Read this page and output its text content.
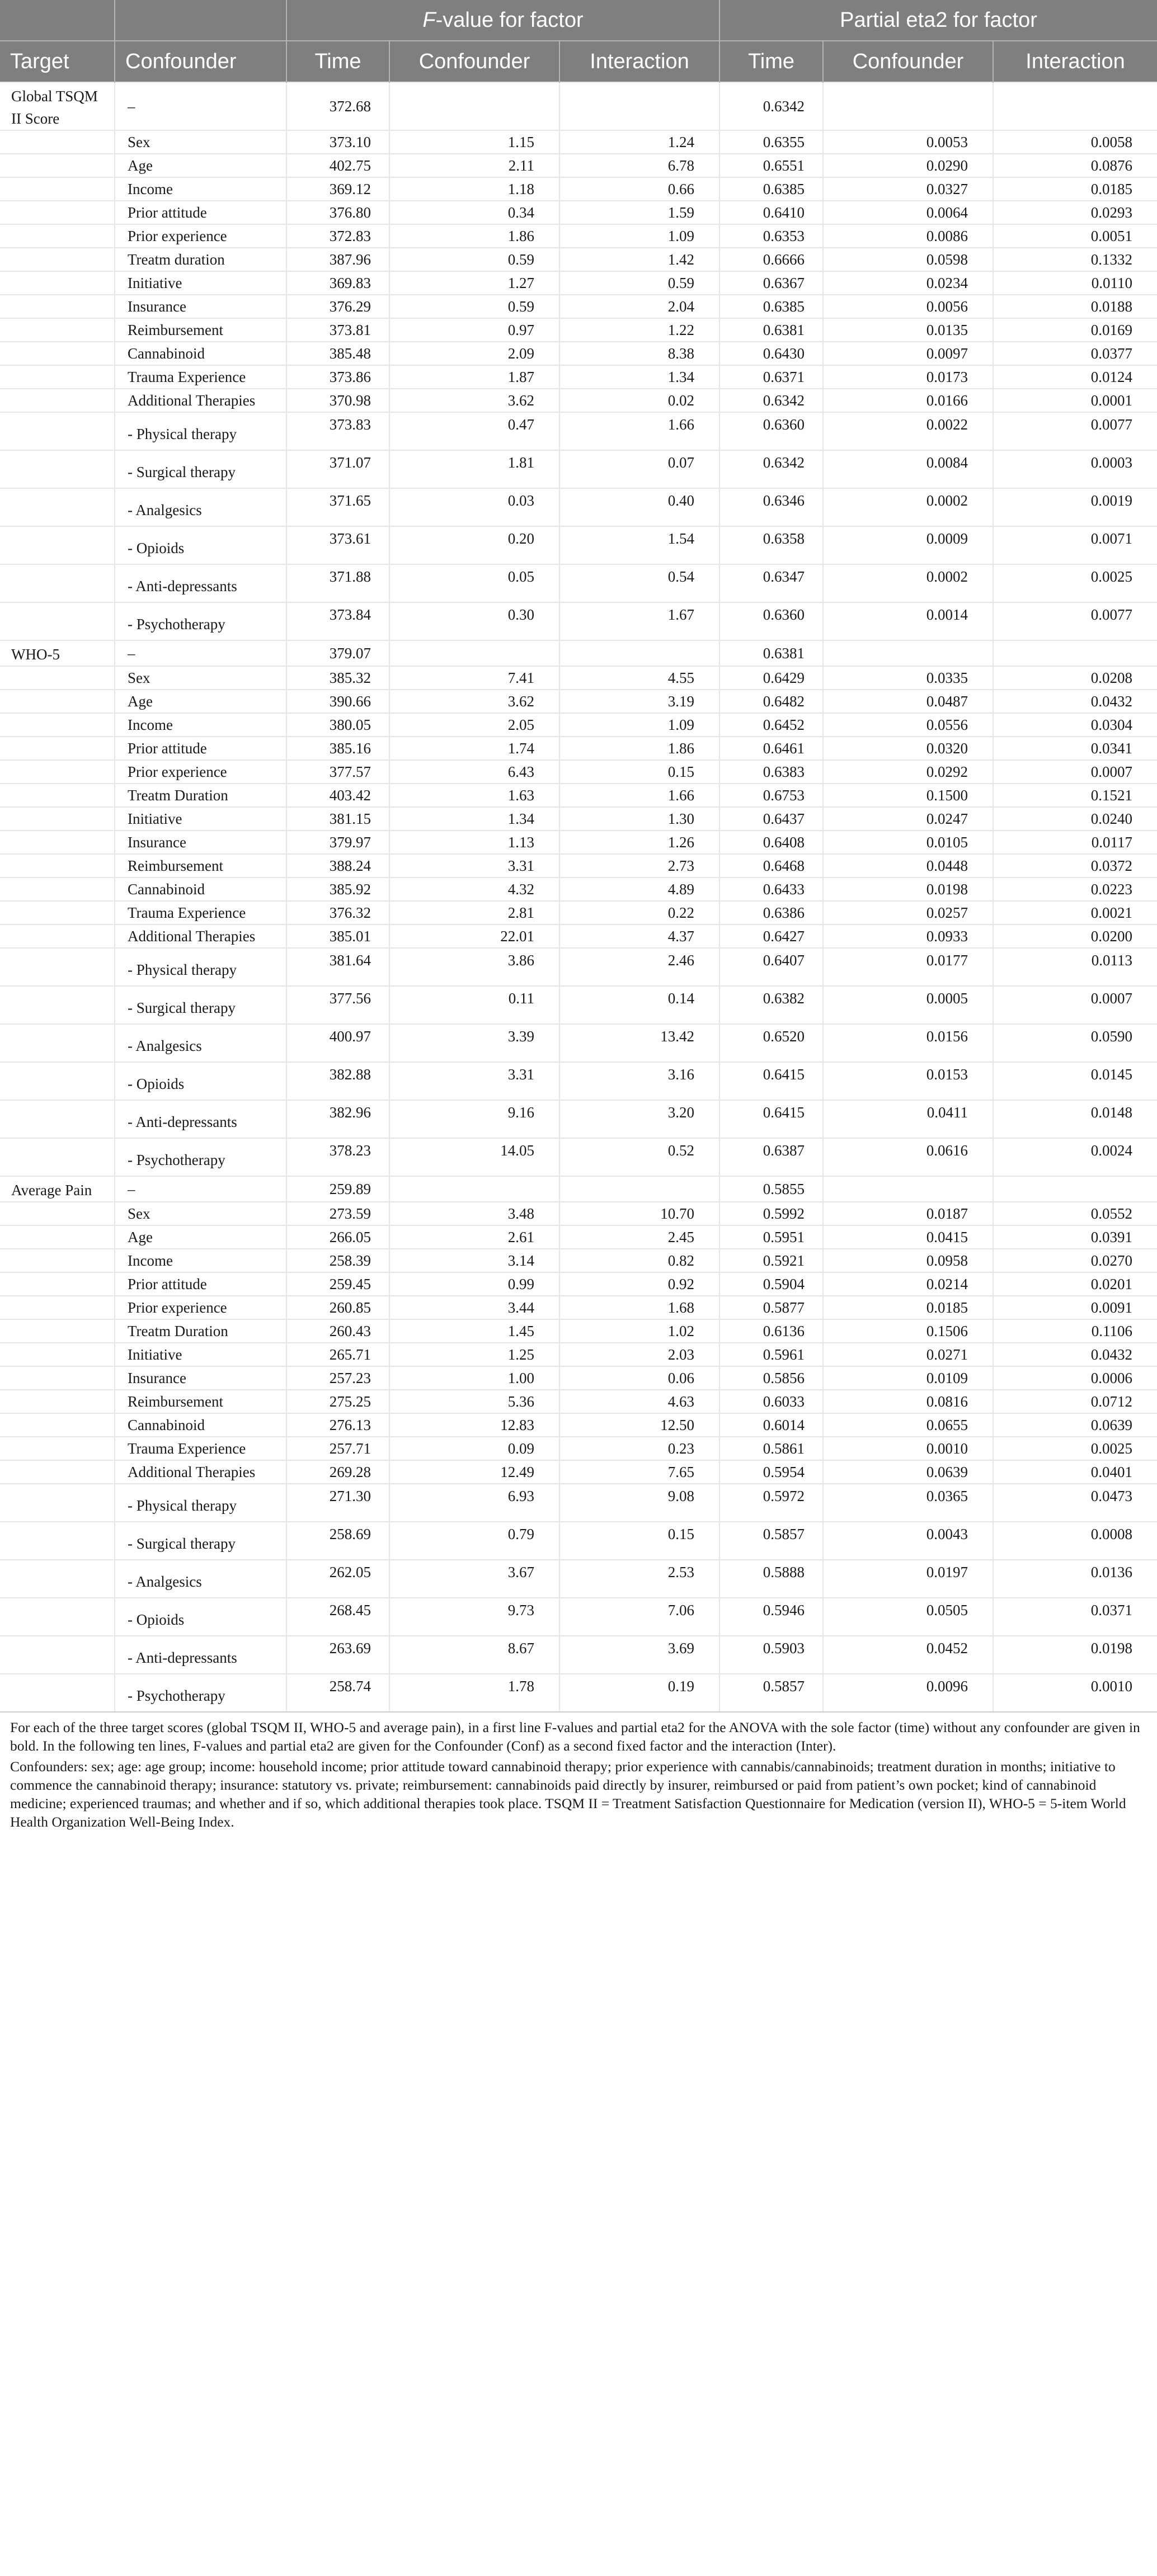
		F-value for factor			Partial eta2 for factor		
Target	Confounder	Time	Confounder	Interaction	Time	Confounder	Interaction
Global TSQM II Score	–	372.68			0.6342		
	Sex	373.10	1.15	1.24	0.6355	0.0053	0.0058
	Age	402.75	2.11	6.78	0.6551	0.0290	0.0876
	Income	369.12	1.18	0.66	0.6385	0.0327	0.0185
	Prior attitude	376.80	0.34	1.59	0.6410	0.0064	0.0293
	Prior experience	372.83	1.86	1.09	0.6353	0.0086	0.0051
	Treatm duration	387.96	0.59	1.42	0.6666	0.0598	0.1332
	Initiative	369.83	1.27	0.59	0.6367	0.0234	0.0110
	Insurance	376.29	0.59	2.04	0.6385	0.0056	0.0188
	Reimbursement	373.81	0.97	1.22	0.6381	0.0135	0.0169
	Cannabinoid	385.48	2.09	8.38	0.6430	0.0097	0.0377
	Trauma Experience	373.86	1.87	1.34	0.6371	0.0173	0.0124
	Additional Therapies	370.98	3.62	0.02	0.6342	0.0166	0.0001
	- Physical therapy	373.83	0.47	1.66	0.6360	0.0022	0.0077
	- Surgical therapy	371.07	1.81	0.07	0.6342	0.0084	0.0003
	- Analgesics	371.65	0.03	0.40	0.6346	0.0002	0.0019
	- Opioids	373.61	0.20	1.54	0.6358	0.0009	0.0071
	- Anti-depressants	371.88	0.05	0.54	0.6347	0.0002	0.0025
	- Psychotherapy	373.84	0.30	1.67	0.6360	0.0014	0.0077
WHO-5	–	379.07			0.6381		
	Sex	385.32	7.41	4.55	0.6429	0.0335	0.0208
	Age	390.66	3.62	3.19	0.6482	0.0487	0.0432
	Income	380.05	2.05	1.09	0.6452	0.0556	0.0304
	Prior attitude	385.16	1.74	1.86	0.6461	0.0320	0.0341
	Prior experience	377.57	6.43	0.15	0.6383	0.0292	0.0007
	Treatm Duration	403.42	1.63	1.66	0.6753	0.1500	0.1521
	Initiative	381.15	1.34	1.30	0.6437	0.0247	0.0240
	Insurance	379.97	1.13	1.26	0.6408	0.0105	0.0117
	Reimbursement	388.24	3.31	2.73	0.6468	0.0448	0.0372
	Cannabinoid	385.92	4.32	4.89	0.6433	0.0198	0.0223
	Trauma Experience	376.32	2.81	0.22	0.6386	0.0257	0.0021
	Additional Therapies	385.01	22.01	4.37	0.6427	0.0933	0.0200
	- Physical therapy	381.64	3.86	2.46	0.6407	0.0177	0.0113
	- Surgical therapy	377.56	0.11	0.14	0.6382	0.0005	0.0007
	- Analgesics	400.97	3.39	13.42	0.6520	0.0156	0.0590
	- Opioids	382.88	3.31	3.16	0.6415	0.0153	0.0145
	- Anti-depressants	382.96	9.16	3.20	0.6415	0.0411	0.0148
	- Psychotherapy	378.23	14.05	0.52	0.6387	0.0616	0.0024
Average Pain	–	259.89			0.5855		
	Sex	273.59	3.48	10.70	0.5992	0.0187	0.0552
	Age	266.05	2.61	2.45	0.5951	0.0415	0.0391
	Income	258.39	3.14	0.82	0.5921	0.0958	0.0270
	Prior attitude	259.45	0.99	0.92	0.5904	0.0214	0.0201
	Prior experience	260.85	3.44	1.68	0.5877	0.0185	0.0091
	Treatm Duration	260.43	1.45	1.02	0.6136	0.1506	0.1106
	Initiative	265.71	1.25	2.03	0.5961	0.0271	0.0432
	Insurance	257.23	1.00	0.06	0.5856	0.0109	0.0006
	Reimbursement	275.25	5.36	4.63	0.6033	0.0816	0.0712
	Cannabinoid	276.13	12.83	12.50	0.6014	0.0655	0.0639
	Trauma Experience	257.71	0.09	0.23	0.5861	0.0010	0.0025
	Additional Therapies	269.28	12.49	7.65	0.5954	0.0639	0.0401
	- Physical therapy	271.30	6.93	9.08	0.5972	0.0365	0.0473
	- Surgical therapy	258.69	0.79	0.15	0.5857	0.0043	0.0008
	- Analgesics	262.05	3.67	2.53	0.5888	0.0197	0.0136
	- Opioids	268.45	9.73	7.06	0.5946	0.0505	0.0371
	- Anti-depressants	263.69	8.67	3.69	0.5903	0.0452	0.0198
	- Psychotherapy	258.74	1.78	0.19	0.5857	0.0096	0.0010

For each of the three target scores (global TSQM II, WHO-5 and average pain), in a first line F-values and partial eta2 for the ANOVA with the sole factor (time) without any confounder are given in bold. In the following ten lines, F-values and partial eta2 are given for the Confounder (Conf) as a second fixed factor and the interaction (Inter).

Confounders: sex; age: age group; income: household income; prior attitude toward cannabinoid therapy; prior experience with cannabis/cannabinoids; treatment duration in months; initiative to commence the cannabinoid therapy; insurance: statutory vs. private; reimbursement: cannabinoids paid directly by insurer, reimbursed or paid from patient’s own pocket; kind of cannabinoid medicine; experienced traumas; and whether and if so, which additional therapies took place. TSQM II = Treatment Satisfaction Questionnaire for Medication (version II), WHO-5 = 5-item World Health Organization Well-Being Index.
